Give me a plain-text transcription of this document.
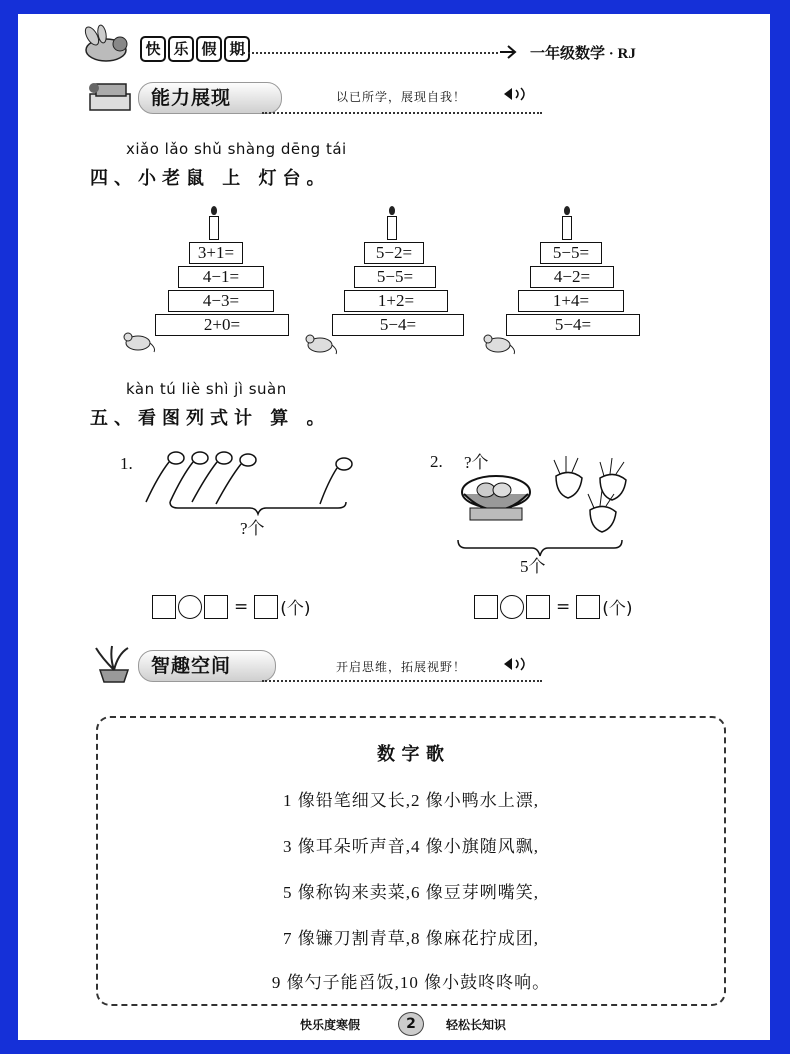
快 乐 假 期	一年级数学 · RJ
能力展现	以已所学，展现自我！
xiǎo lǎo shǔ shàng dēng tái
四、小老鼠 上 灯台。
3+1=
4−1=
4−3=
2+0=
5−2=
5−5=
1+2=
5−4=
5−5=
4−2=
1+4=
5−4=
kàn tú liè shì jì suàn
五、看图列式计 算 。
1.
?个
2. ?个
5个
= (个)	= (个)
智趣空间	开启思维，拓展视野！
数 字 歌
1 像铅笔细又长,2 像小鸭水上漂,
3 像耳朵听声音,4 像小旗随风飘,
5 像称钩来卖菜,6 像豆芽咧嘴笑,
7 像镰刀割青草,8 像麻花拧成团,
9 像勺子能舀饭,10 像小鼓咚咚响。
快乐度寒假	2	轻松长知识
